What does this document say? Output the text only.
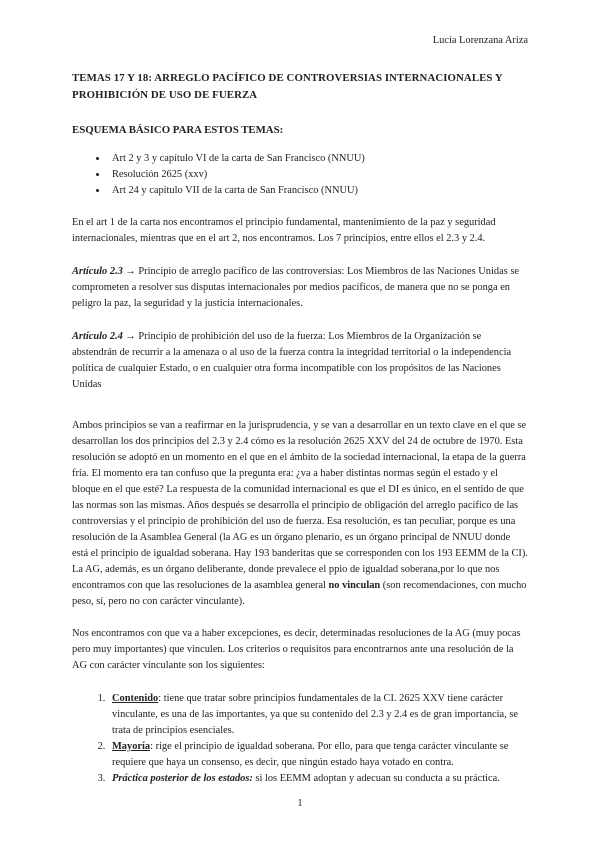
Lucía Lorenzana Ariza
TEMAS 17 Y 18: ARREGLO PACÍFICO DE CONTROVERSIAS INTERNACIONALES Y PROHIBICIÓN DE USO DE FUERZA
ESQUEMA BÁSICO PARA ESTOS TEMAS:
• Art 2 y 3 y capítulo VI de la carta de San Francisco (NNUU)
• Resolución 2625 (xxv)
• Art 24 y capítulo VII de la carta de San Francisco (NNUU)

En el art 1 de la carta nos encontramos el principio fundamental, mantenimiento de la paz y seguridad internacionales, mientras que en el art 2, nos encontramos. Los 7 principios, entre ellos el 2.3 y 2.4.

Artículo 2.3 → Principio de arreglo pacífico de las controversias: Los Miembros de las Naciones Unidas se comprometen a resolver sus disputas internacionales por medios pacíficos, de manera que no se ponga en peligro la paz, la seguridad y la justicia internacionales.

Artículo 2.4 → Principio de prohibición del uso de la fuerza: Los Miembros de la Organización se abstendrán de recurrir a la amenaza o al uso de la fuerza contra la integridad territorial o la independencia política de cualquier Estado, o en cualquier otra forma incompatible con los propósitos de las Naciones Unidas

Ambos principios se van a reafirmar en la jurisprudencia, y se van a desarrollar en un texto clave en el que se desarrollan los dos principios del 2.3 y 2.4 cómo es la resolución 2625 XXV del 24 de octubre de 1970. Esta resolución se adoptó en un momento en el que en el ámbito de la sociedad internacional, la etapa de la guerra fría. El momento era tan confuso que la pregunta era: ¿va a haber distintas normas según el estado y el bloque en el que esté? La respuesta de la comunidad internacional es que el DI es único, en el sentido de que las normas son las mismas. Años después se desarrolla el principio de obligación del arreglo pacífico de las controversias y el principio de prohibición del uso de fuerza. Esa resolución, es tan peculiar, porque es una resolución de la Asamblea General (la AG es un órgano plenario, es un órgano principal de NNUU donde está el principio de igualdad soberana. Hay 193 banderitas que se corresponden con los 193 EEMM de la CI). La AG, además, es un órgano deliberante, donde prevalece el ppio de igualdad soberana,por lo que nos encontramos con que las resoluciones de la asamblea general no vinculan (son recomendaciones, con mucho peso, sí, pero no con carácter vinculante).

Nos encontramos con que va a haber excepciones, es decir, determinadas resoluciones de la AG (muy pocas pero muy importantes) que vinculen. Los criterios o requisitos para encontrarnos ante una resolución de la AG con carácter vinculante son los siguientes:

1. Contenido: tiene que tratar sobre principios fundamentales de la CI. 2625 XXV tiene carácter vinculante, es una de las importantes, ya que su contenido del 2.3 y 2.4 es de gran importancia, se trata de principios esenciales.
2. Mayoría: rige el principio de igualdad soberana. Por ello, para que tenga carácter vinculante se requiere que haya un consenso, es decir, que ningún estado haya votado en contra.
3. Práctica posterior de los estados: si los EEMM adoptan y adecuan su conducta a su práctica.
1
